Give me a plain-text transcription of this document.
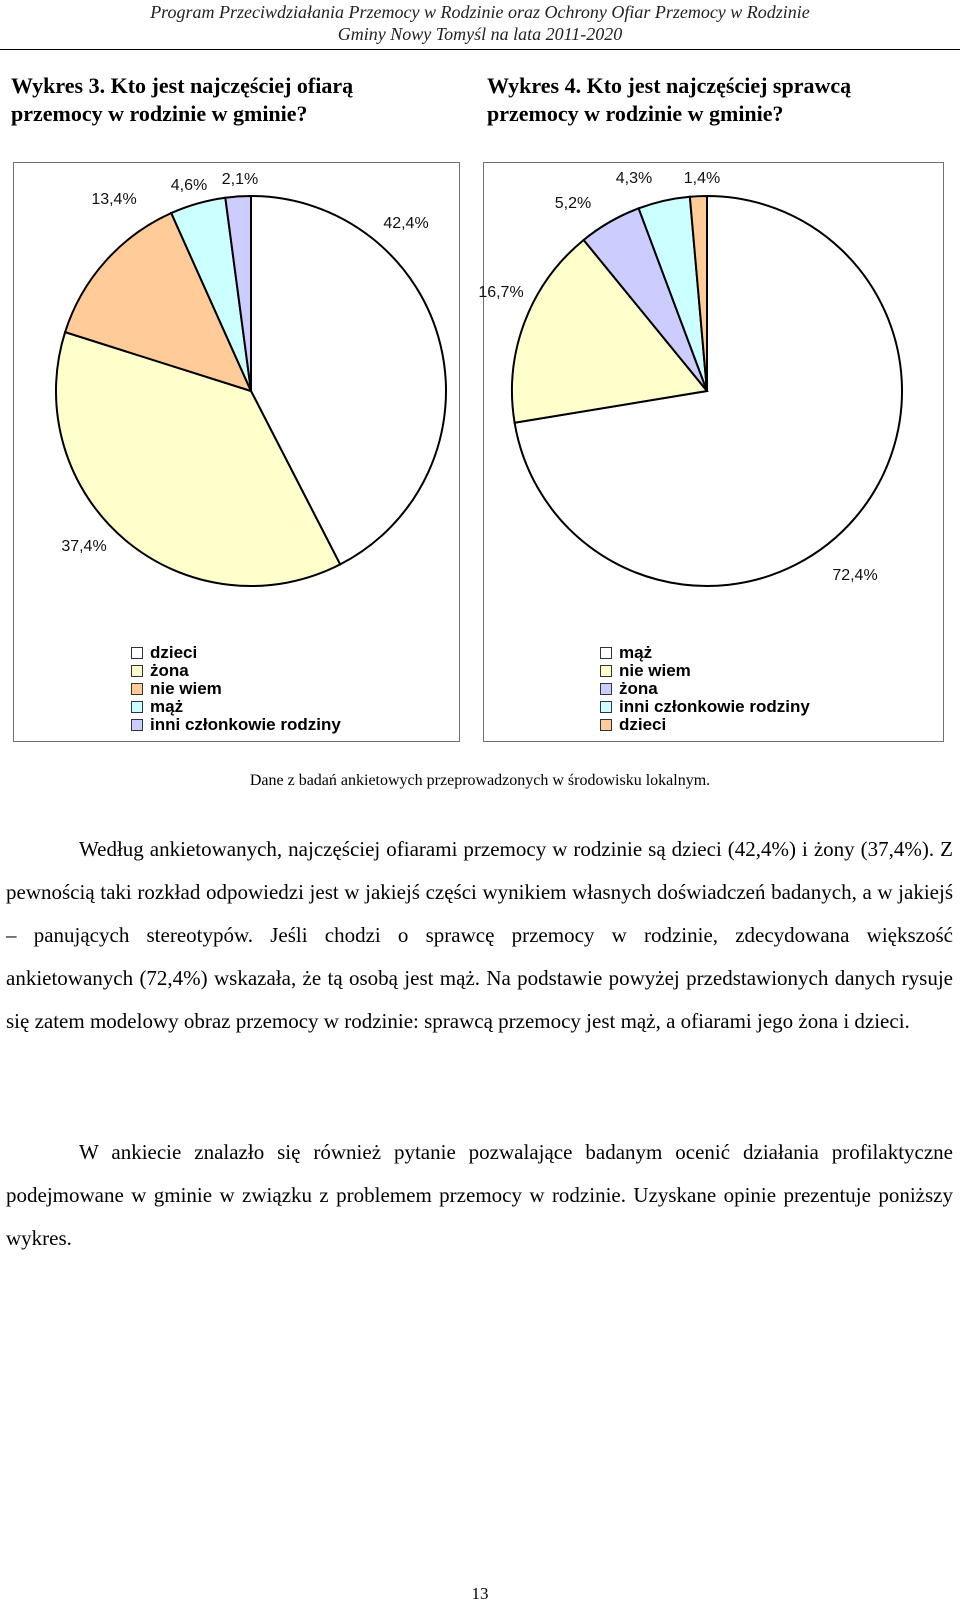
Program Przeciwdziałania Przemocy w Rodzinie oraz Ochrony Ofiar Przemocy w Rodzinie
Gminy Nowy Tomyśl na lata 2011-2020
Wykres 3. Kto jest najczęściej ofiarą przemocy w rodzinie w gminie?
Wykres 4. Kto jest najczęściej sprawcą przemocy w rodzinie w gminie?
42,4%
37,4%
13,4%
4,6% 2,1%
dzieci
żona
nie wiem
mąż
inni członkowie rodziny
72,4%
16,7%
5,2%
4,3% 1,4%
mąż
nie wiem
żona
inni członkowie rodziny
dzieci
Dane z badań ankietowych przeprowadzonych w środowisku lokalnym.

Według ankietowanych, najczęściej ofiarami przemocy w rodzinie są dzieci (42,4%) i żony (37,4%). Z pewnością taki rozkład odpowiedzi jest w jakiejś części wynikiem własnych doświadczeń badanych, a w jakiejś – panujących stereotypów. Jeśli chodzi o sprawcę przemocy w rodzinie, zdecydowana większość ankietowanych (72,4%) wskazała, że tą osobą jest mąż. Na podstawie powyżej przedstawionych danych rysuje się zatem modelowy obraz przemocy w rodzinie: sprawcą przemocy jest mąż, a ofiarami jego żona i dzieci.

W ankiecie znalazło się również pytanie pozwalające badanym ocenić działania profilaktyczne podejmowane w gminie w związku z problemem przemocy w rodzinie. Uzyskane opinie prezentuje poniższy wykres.

13
